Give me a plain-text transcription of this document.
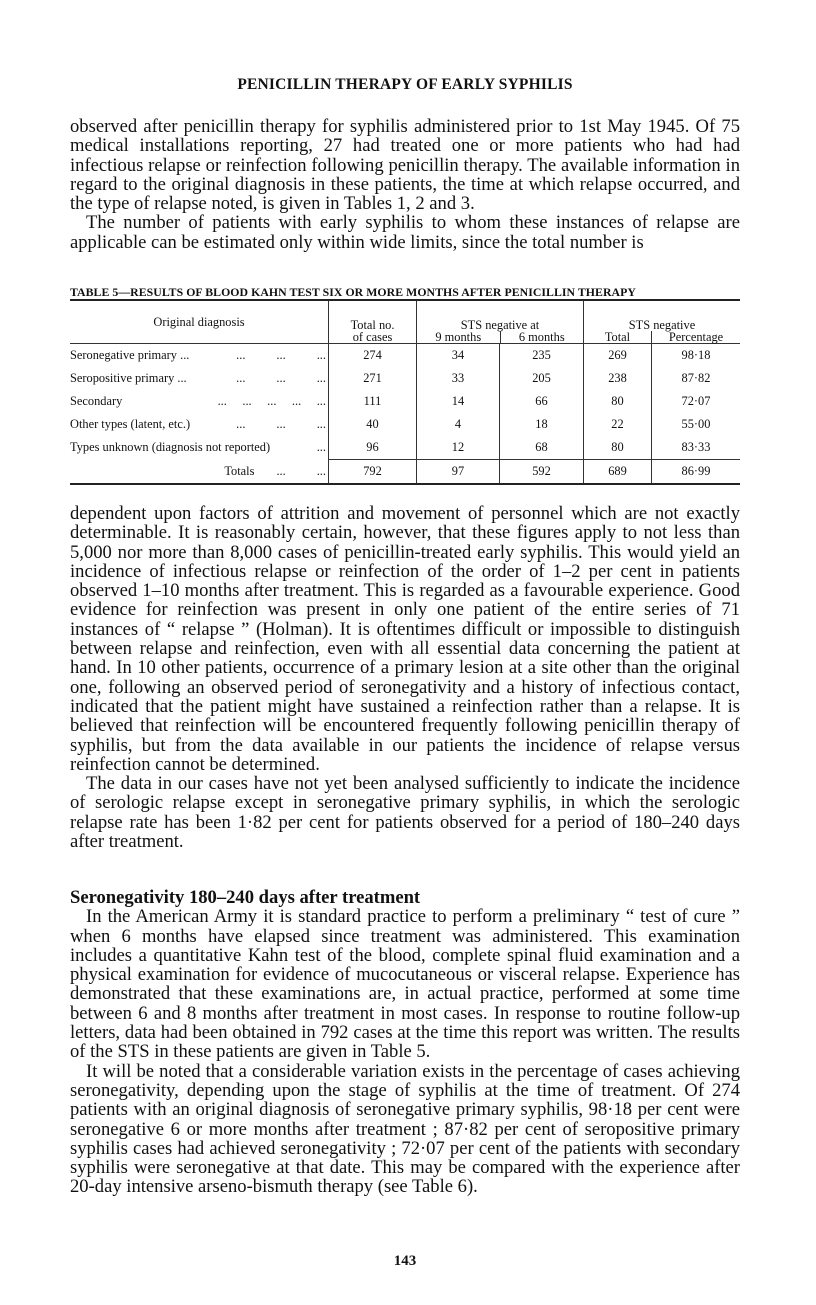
PENICILLIN THERAPY OF EARLY SYPHILIS

observed after penicillin therapy for syphilis administered prior to 1st May 1945. Of 75 medical installations reporting, 27 had treated one or more patients who had had infectious relapse or reinfection following penicillin therapy. The available information in regard to the original diagnosis in these patients, the time at which relapse occurred, and the type of relapse noted, is given in Tables 1, 2 and 3.

The number of patients with early syphilis to whom these instances of relapse are applicable can be estimated only within wide limits, since the total number is

TABLE 5—RESULTS OF BLOOD KAHN TEST SIX OR MORE MONTHS AFTER PENICILLIN THERAPY
Original diagnosis	Total no.
of cases

STS negative at
9 months	6 months

STS negative
Total	Percentage

Seronegative primary ... ...          ...          ...	274	34	235	269	98·18

Seropositive primary ... ...          ...          ...	271	33	205	238	87·82

Secondary ...     ...     ...     ...     ...	111	14	66	80	72·07

Other types (latent, etc.) ...          ...          ...	40	4	18	22	55·00

Types unknown (diagnosis not reported) ...	96	12	68	80	83·33

Totals ...          ...	792	97	592	689	86·99

dependent upon factors of attrition and movement of personnel which are not exactly determinable. It is reasonably certain, however, that these figures apply to not less than 5,000 nor more than 8,000 cases of penicillin-treated early syphilis. This would yield an incidence of infectious relapse or reinfection of the order of 1–2 per cent in patients observed 1–10 months after treatment. This is regarded as a favourable experience. Good evidence for reinfection was present in only one patient of the entire series of 71 instances of “ relapse ” (Holman). It is oftentimes difficult or impossible to distinguish between relapse and reinfection, even with all essential data concerning the patient at hand. In 10 other patients, occurrence of a primary lesion at a site other than the original one, following an observed period of seronegativity and a history of infectious contact, indicated that the patient might have sustained a reinfection rather than a relapse. It is believed that reinfection will be encountered frequently following penicillin therapy of syphilis, but from the data available in our patients the incidence of relapse versus reinfection cannot be determined.

The data in our cases have not yet been analysed sufficiently to indicate the incidence of serologic relapse except in seronegative primary syphilis, in which the serologic relapse rate has been 1·82 per cent for patients observed for a period of 180–240 days after treatment.

Seronegativity 180–240 days after treatment

In the American Army it is standard practice to perform a preliminary “ test of cure ” when 6 months have elapsed since treatment was administered. This examination includes a quantitative Kahn test of the blood, complete spinal fluid examination and a physical examination for evidence of mucocutaneous or visceral relapse. Experience has demonstrated that these examinations are, in actual practice, performed at some time between 6 and 8 months after treatment in most cases. In response to routine follow-up letters, data had been obtained in 792 cases at the time this report was written. The results of the STS in these patients are given in Table 5.

It will be noted that a considerable variation exists in the percentage of cases achieving seronegativity, depending upon the stage of syphilis at the time of treatment. Of 274 patients with an original diagnosis of seronegative primary syphilis, 98·18 per cent were seronegative 6 or more months after treatment ; 87·82 per cent of seropositive primary syphilis cases had achieved seronegativity ; 72·07 per cent of the patients with secondary syphilis were seronegative at that date. This may be compared with the experience after 20-day intensive arseno-bismuth therapy (see Table 6).

143
